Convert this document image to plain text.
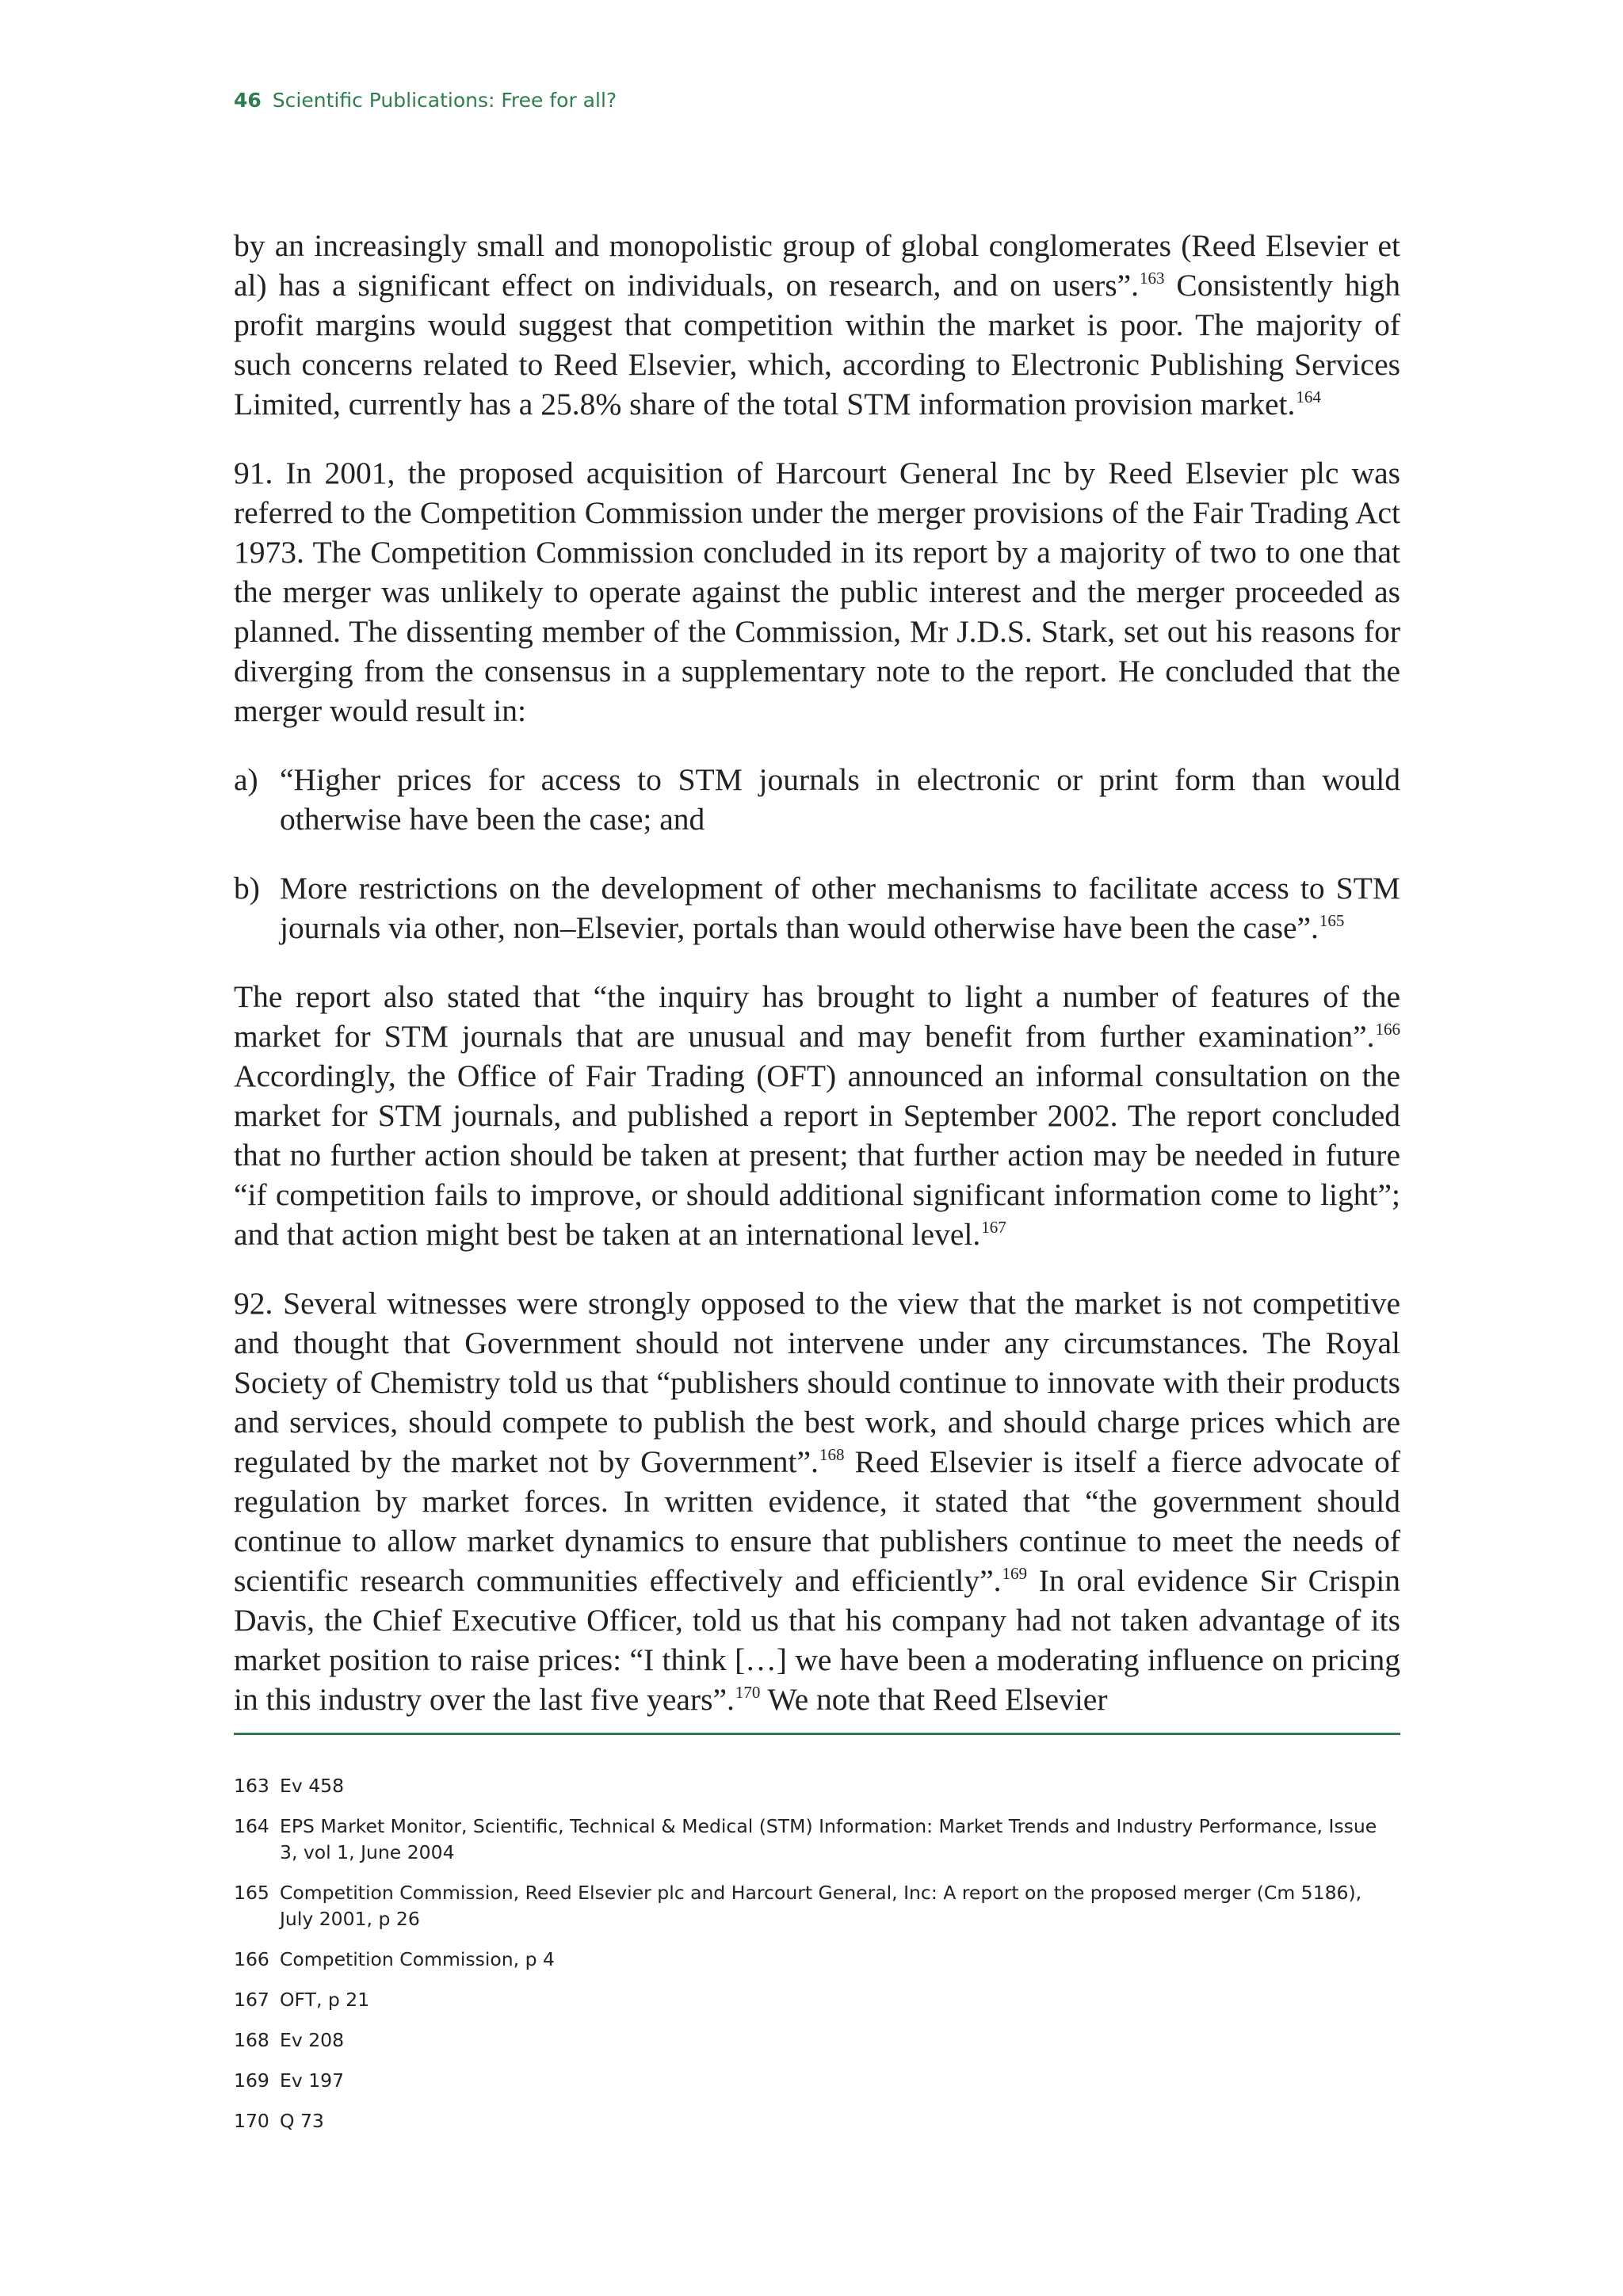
46 Scientific Publications: Free for all?

by an increasingly small and monopolistic group of global conglomerates (Reed Elsevier et al) has a significant effect on individuals, on research, and on users”.$^{163}$ Consistently high profit margins would suggest that competition within the market is poor. The majority of such concerns related to Reed Elsevier, which, according to Electronic Publishing Services Limited, currently has a 25.8% share of the total STM information provision market.$^{164}$

91. In 2001, the proposed acquisition of Harcourt General Inc by Reed Elsevier plc was referred to the Competition Commission under the merger provisions of the Fair Trading Act 1973. The Competition Commission concluded in its report by a majority of two to one that the merger was unlikely to operate against the public interest and the merger proceeded as planned. The dissenting member of the Commission, Mr J.D.S. Stark, set out his reasons for diverging from the consensus in a supplementary note to the report. He concluded that the merger would result in:

a) “Higher prices for access to STM journals in electronic or print form than would otherwise have been the case; and
b) More restrictions on the development of other mechanisms to facilitate access to STM journals via other, non–Elsevier, portals than would otherwise have been the case”.$^{165}$

The report also stated that “the inquiry has brought to light a number of features of the market for STM journals that are unusual and may benefit from further examination”.$^{166}$ Accordingly, the Office of Fair Trading (OFT) announced an informal consultation on the market for STM journals, and published a report in September 2002. The report concluded that no further action should be taken at present; that further action may be needed in future “if competition fails to improve, or should additional significant information come to light”; and that action might best be taken at an international level.$^{167}$

92. Several witnesses were strongly opposed to the view that the market is not competitive and thought that Government should not intervene under any circumstances. The Royal Society of Chemistry told us that “publishers should continue to innovate with their products and services, should compete to publish the best work, and should charge prices which are regulated by the market not by Government”.$^{168}$ Reed Elsevier is itself a fierce advocate of regulation by market forces. In written evidence, it stated that “the government should continue to allow market dynamics to ensure that publishers continue to meet the needs of scientific research communities effectively and efficiently”.$^{169}$ In oral evidence Sir Crispin Davis, the Chief Executive Officer, told us that his company had not taken advantage of its market position to raise prices: “I think […] we have been a moderating influence on pricing in this industry over the last five years”.$^{170}$ We note that Reed Elsevier

163 Ev 458
164 EPS Market Monitor, Scientific, Technical & Medical (STM) Information: Market Trends and Industry Performance, Issue 3, vol 1, June 2004
165 Competition Commission, Reed Elsevier plc and Harcourt General, Inc: A report on the proposed merger (Cm 5186), July 2001, p 26
166 Competition Commission, p 4
167 OFT, p 21
168 Ev 208
169 Ev 197
170 Q 73
